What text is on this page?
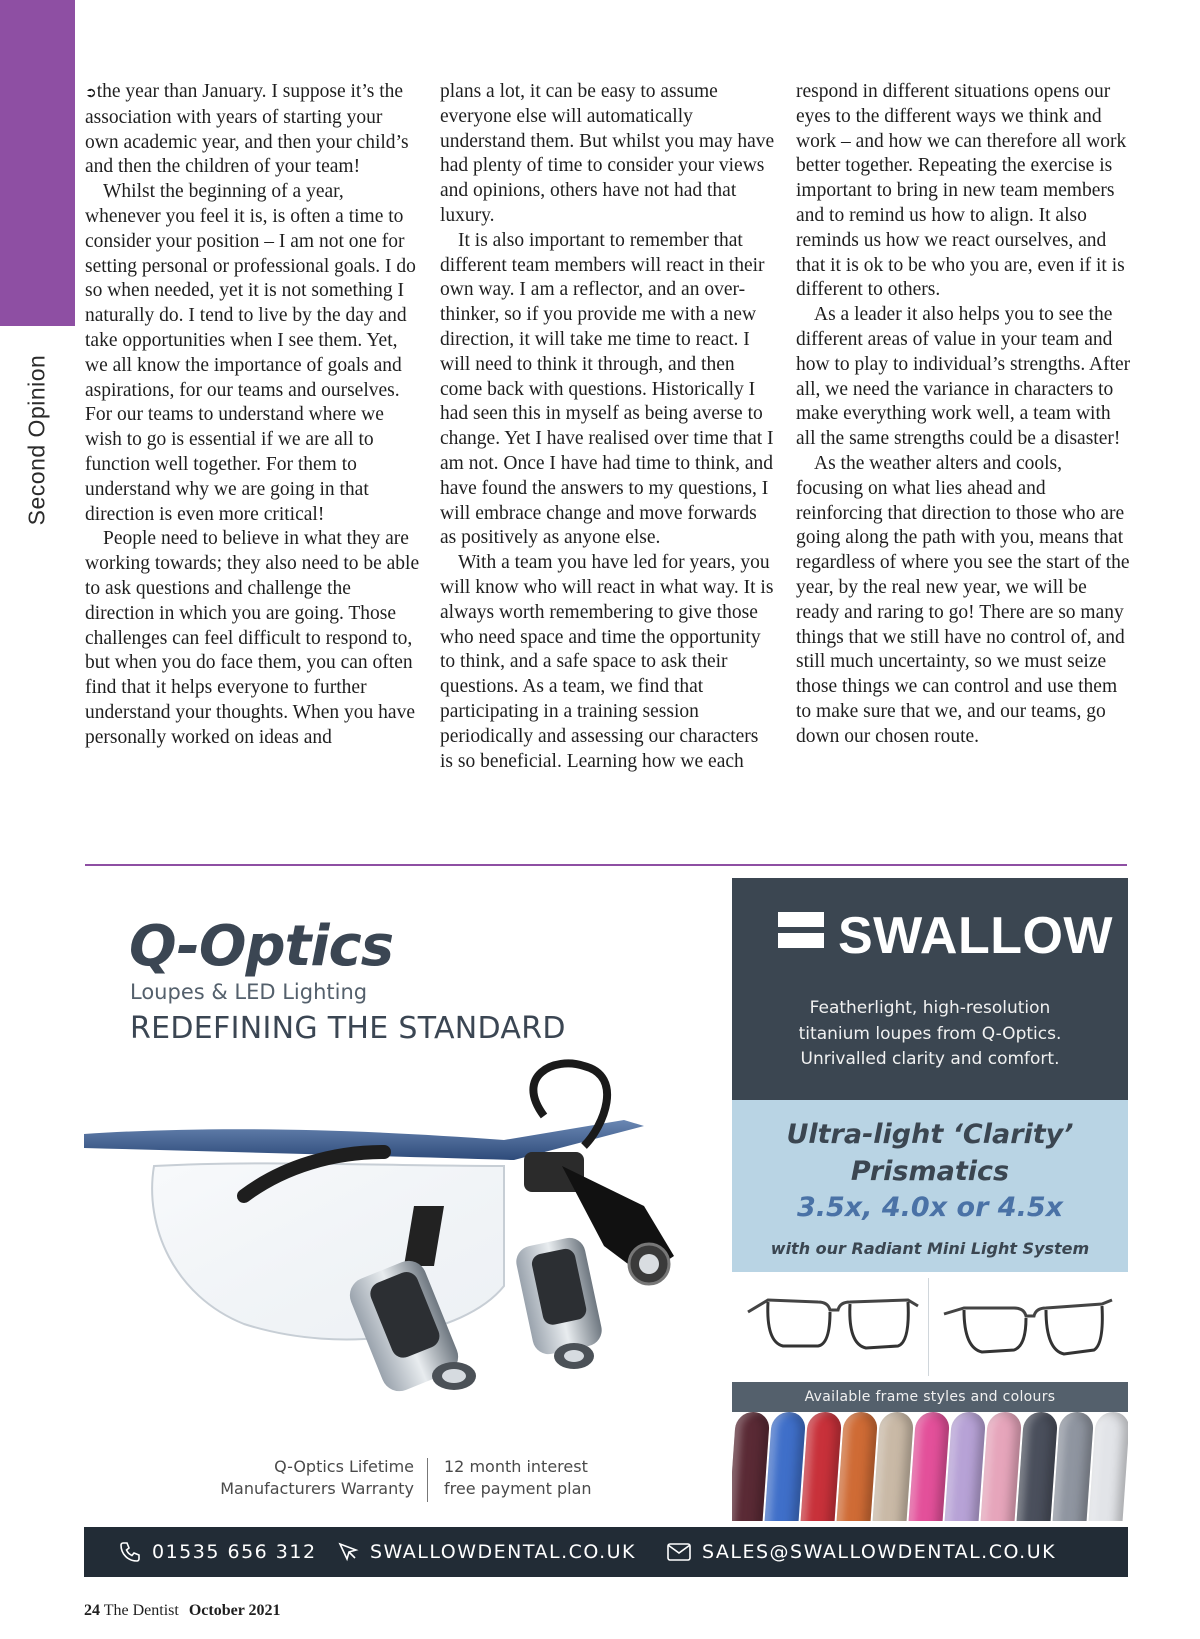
Second Opinion

➲the year than January. I suppose it’s the association with years of starting your own academic year, and then your child’s and then the children of your team!

Whilst the beginning of a year, whenever you feel it is, is often a time to consider your position – I am not one for setting personal or professional goals. I do so when needed, yet it is not something I naturally do. I tend to live by the day and take opportunities when I see them. Yet, we all know the importance of goals and aspirations, for our teams and ourselves. For our teams to understand where we wish to go is essential if we are all to function well together. For them to understand why we are going in that direction is even more critical!

People need to believe in what they are working towards; they also need to be able to ask questions and challenge the direction in which you are going. Those challenges can feel difficult to respond to, but when you do face them, you can often find that it helps everyone to further understand your thoughts. When you have personally worked on ideas and

plans a lot, it can be easy to assume everyone else will automatically understand them. But whilst you may have had plenty of time to consider your views and opinions, others have not had that luxury.

It is also important to remember that different team members will react in their own way. I am a reflector, and an over-thinker, so if you provide me with a new direction, it will take me time to react. I will need to think it through, and then come back with questions. Historically I had seen this in myself as being averse to change. Yet I have realised over time that I am not. Once I have had time to think, and have found the answers to my questions, I will embrace change and move forwards as positively as anyone else.

With a team you have led for years, you will know who will react in what way. It is always worth remembering to give those who need space and time the opportunity to think, and a safe space to ask their questions. As a team, we find that participating in a training session periodically and assessing our characters is so beneficial. Learning how we each

respond in different situations opens our eyes to the different ways we think and work – and how we can therefore all work better together. Repeating the exercise is important to bring in new team members and to remind us how to align. It also reminds us how we react ourselves, and that it is ok to be who you are, even if it is different to others.

As a leader it also helps you to see the different areas of value in your team and how to play to individual’s strengths. After all, we need the variance in characters to make everything work well, a team with all the same strengths could be a disaster!

As the weather alters and cools, focusing on what lies ahead and reinforcing that direction to those who are going along the path with you, means that regardless of where you see the start of the year, by the real new year, we will be ready and raring to go! There are so many things that we still have no control of, and still much uncertainty, so we must seize those things we can control and use them to make sure that we, and our teams, go down our chosen route.

Q-Optics
Loupes & LED Lighting
REDEFINING THE STANDARD
Q-Optics Lifetime
Manufacturers Warranty
12 month interest
free payment plan
SWALLOW
Featherlight, high-resolution
titanium loupes from Q-Optics.
Unrivalled clarity and comfort.
Ultra-light ‘Clarity’
Prismatics
3.5x, 4.0x or 4.5x
with our Radiant Mini Light System
Available frame styles and colours
01535 656 312	SWALLOWDENTAL.CO.UK	SALES@SWALLOWDENTAL.CO.UK
24 The Dentist October 2021
